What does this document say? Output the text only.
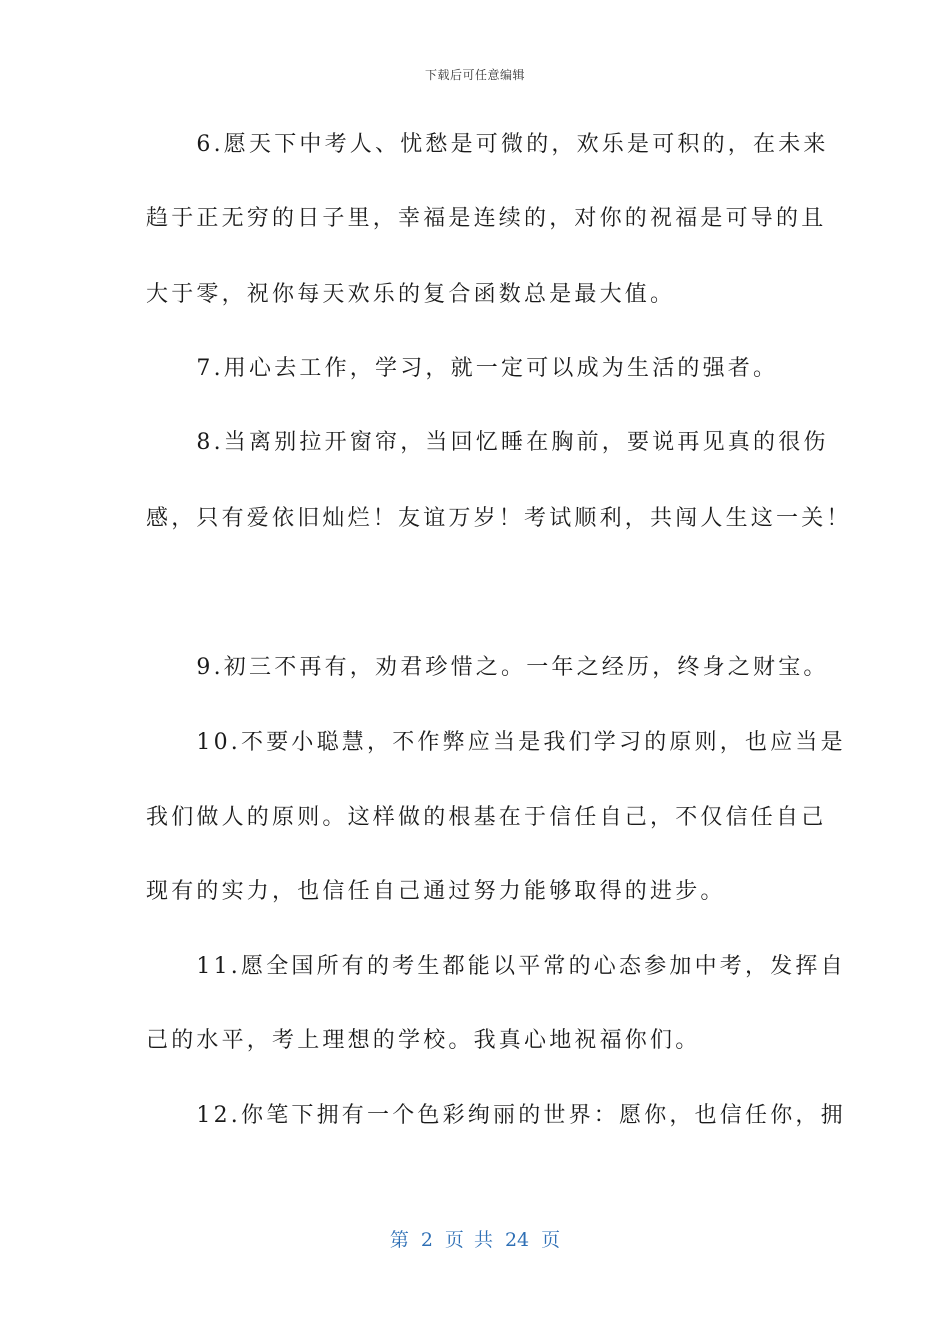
下载后可任意编辑
　　6.愿天下中考人、忧愁是可微的，欢乐是可积的，在未来
趋于正无穷的日子里，幸福是连续的，对你的祝福是可导的且
大于零，祝你每天欢乐的复合函数总是最大值。
　　7.用心去工作，学习，就一定可以成为生活的强者。
　　8.当离别拉开窗帘，当回忆睡在胸前，要说再见真的很伤
感，只有爱依旧灿烂！友谊万岁！考试顺利，共闯人生这一关！
　　9.初三不再有，劝君珍惜之。一年之经历，终身之财宝。
　　10.不要小聪慧，不作弊应当是我们学习的原则，也应当是
我们做人的原则。这样做的根基在于信任自己，不仅信任自己
现有的实力，也信任自己通过努力能够取得的进步。
　　11.愿全国所有的考生都能以平常的心态参加中考，发挥自
己的水平，考上理想的学校。我真心地祝福你们。
　　12.你笔下拥有一个色彩绚丽的世界：愿你，也信任你，拥
第 2 页 共 24 页
